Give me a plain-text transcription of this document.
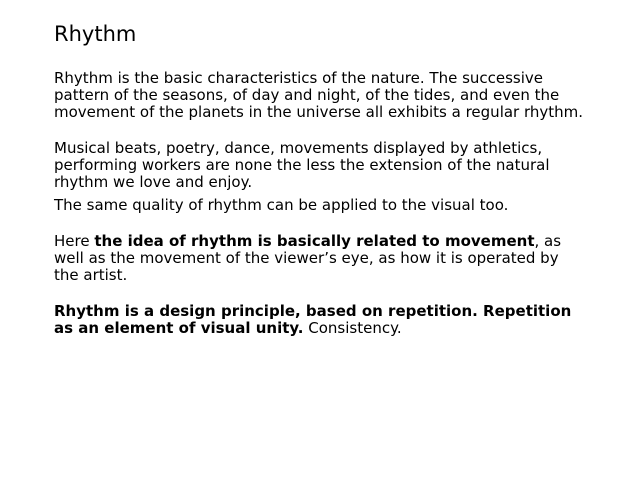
Rhythm

Rhythm is the basic characteristics of the nature. The successive

pattern of the seasons, of day and night, of the tides, and even the

movement of the planets in the universe all exhibits a regular rhythm.

Musical beats, poetry, dance, movements displayed by athletics,

performing workers are none the less the extension of the natural

rhythm we love and enjoy.

The same quality of rhythm can be applied to the visual too.

Here the idea of rhythm is basically related to movement, as

well as the movement of the viewer’s eye, as how it is operated by

the artist.

Rhythm is a design principle, based on repetition. Repetition

as an element of visual unity. Consistency.
